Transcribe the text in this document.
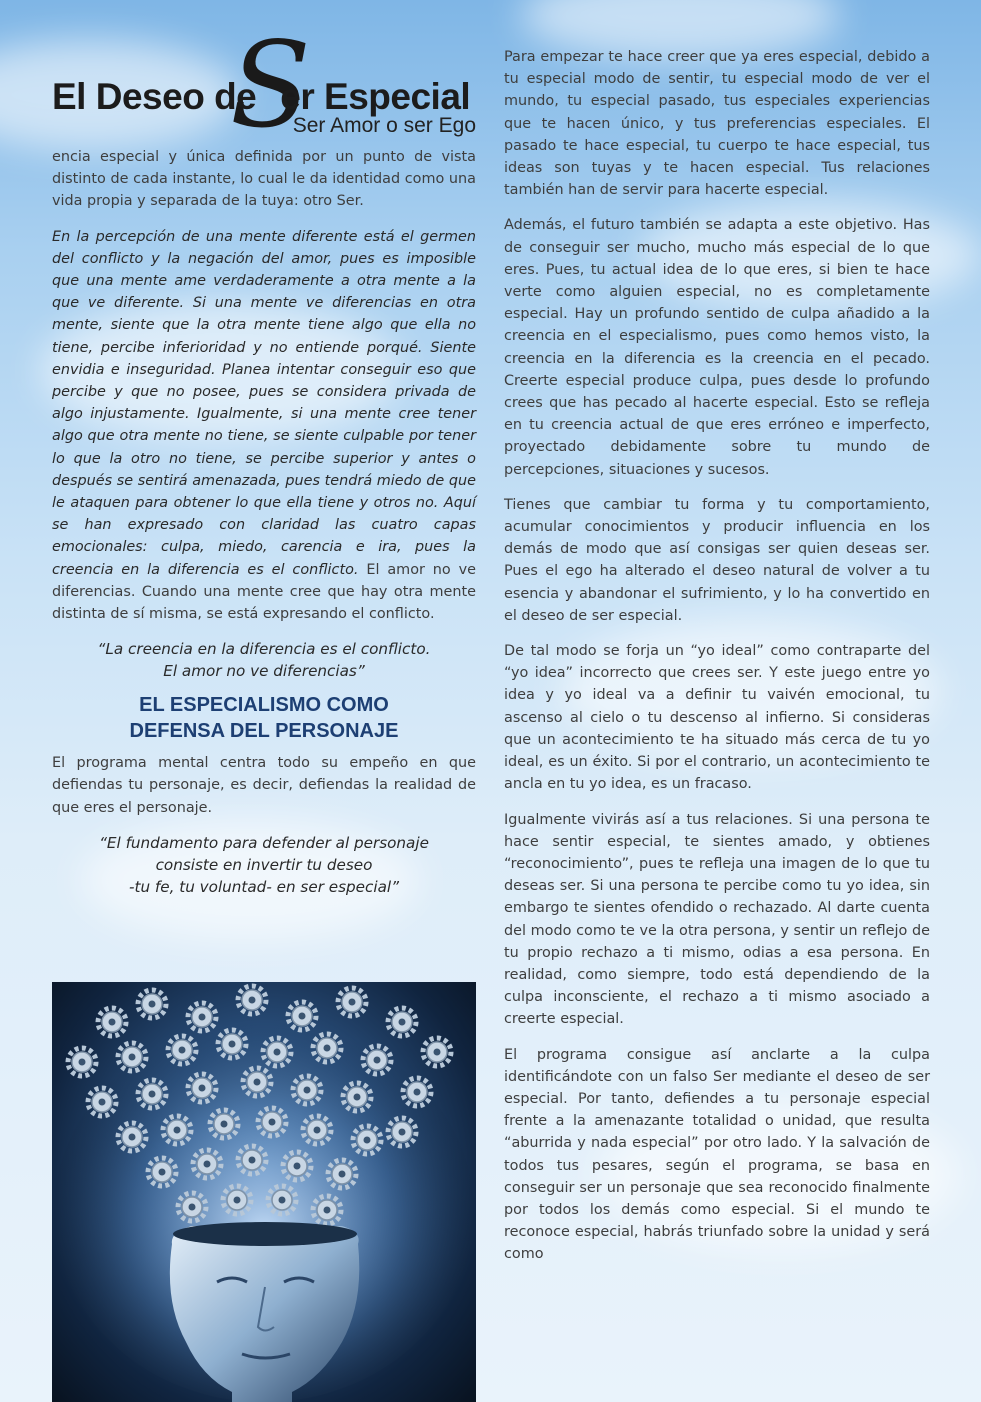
S
El Deseo de er Especial
Ser Amor o ser Ego

encia especial y única definida por un punto de vista distinto de cada instante, lo cual le da identidad como una vida propia y separada de la tuya: otro Ser.

En la percepción de una mente diferente está el germen del conflicto y la negación del amor, pues es imposible que una mente ame verdaderamente a otra mente a la que ve diferente. Si una mente ve diferencias en otra mente, siente que la otra mente tiene algo que ella no tiene, percibe inferioridad y no entiende porqué. Siente envidia e inseguridad. Planea intentar conseguir eso que percibe y que no posee, pues se considera privada de algo injustamente. Igualmente, si una mente cree tener algo que otra mente no tiene, se siente culpable por tener lo que la otro no tiene, se percibe superior y antes o después se sentirá amenazada, pues tendrá miedo de que le ataquen para obtener lo que ella tiene y otros no. Aquí se han expresado con claridad las cuatro capas emocionales: culpa, miedo, carencia e ira, pues la creencia en la diferencia es el conflicto. El amor no ve diferencias. Cuando una mente cree que hay otra mente distinta de sí misma, se está expresando el conflicto.

“La creencia en la diferencia es el conflicto.
El amor no ve diferencias”
EL ESPECIALISMO COMO
DEFENSA DEL PERSONAJE

El programa mental centra todo su empeño en que defiendas tu personaje, es decir, defiendas la realidad de que eres el personaje.

“El fundamento para defender al personaje
consiste en invertir tu deseo
-tu fe, tu voluntad- en ser especial”

Para empezar te hace creer que ya eres especial, debido a tu especial modo de sentir, tu especial modo de ver el mundo, tu especial pasado, tus especiales experiencias que te hacen único, y tus preferencias especiales. El pasado te hace especial, tu cuerpo te hace especial, tus ideas son tuyas y te hacen especial. Tus relaciones también han de servir para hacerte especial.

Además, el futuro también se adapta a este objetivo. Has de conseguir ser mucho, mucho más especial de lo que eres. Pues, tu actual idea de lo que eres, si bien te hace verte como alguien especial, no es completamente especial. Hay un profundo sentido de culpa añadido a la creencia en el especialismo, pues como hemos visto, la creencia en la diferencia es la creencia en el pecado. Creerte especial produce culpa, pues desde lo profundo crees que has pecado al hacerte especial. Esto se refleja en tu creencia actual de que eres erróneo e imperfecto, proyectado debidamente sobre tu mundo de percepciones, situaciones y sucesos.

Tienes que cambiar tu forma y tu comportamiento, acumular conocimientos y producir influencia en los demás de modo que así consigas ser quien deseas ser. Pues el ego ha alterado el deseo natural de volver a tu esencia y abandonar el sufrimiento, y lo ha convertido en el deseo de ser especial.

De tal modo se forja un “yo ideal” como contraparte del “yo idea” incorrecto que crees ser. Y este juego entre yo idea y yo ideal va a definir tu vaivén emocional, tu ascenso al cielo o tu descenso al infierno. Si consideras que un acontecimiento te ha situado más cerca de tu yo ideal, es un éxito. Si por el contrario, un acontecimiento te ancla en tu yo idea, es un fracaso.

Igualmente vivirás así a tus relaciones. Si una persona te hace sentir especial, te sientes amado, y obtienes “reconocimiento”, pues te refleja una imagen de lo que tu deseas ser. Si una persona te percibe como tu yo idea, sin embargo te sientes ofendido o rechazado. Al darte cuenta del modo como te ve la otra persona, y sentir un reflejo de tu propio rechazo a ti mismo, odias a esa persona. En realidad, como siempre, todo está dependiendo de la culpa inconsciente, el rechazo a ti mismo asociado a creerte especial.

El programa consigue así anclarte a la culpa identificándote con un falso Ser mediante el deseo de ser especial. Por tanto, defiendes a tu personaje especial frente a la amenazante totalidad o unidad, que resulta “aburrida y nada especial” por otro lado. Y la salvación de todos tus pesares, según el programa, se basa en conseguir ser un personaje que sea reconocido finalmente por todos los demás como especial. Si el mundo te reconoce especial, habrás triunfado sobre la unidad y será como
